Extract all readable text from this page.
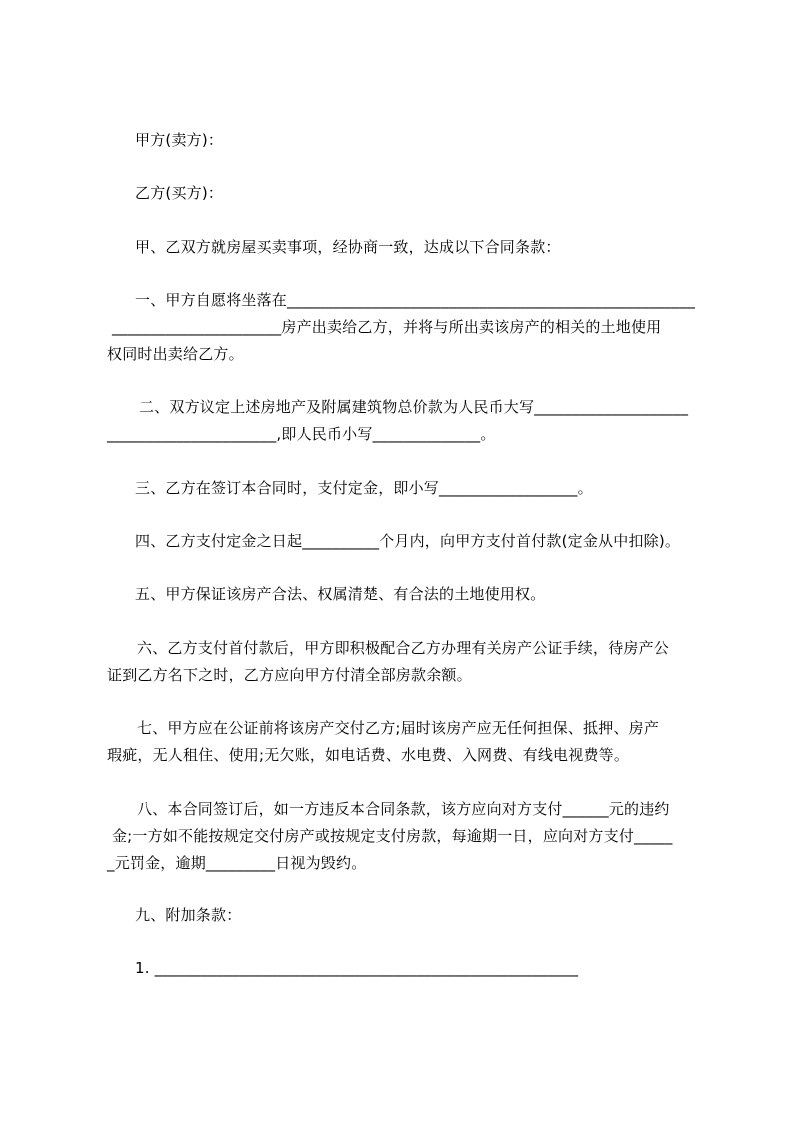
甲方(卖方)：
乙方(买方)：
甲、乙双方就房屋买卖事项，经协商一致，达成以下合同条款：
一、甲方自愿将坐落在_____________________________________________________
______________________房产出卖给乙方，并将与所出卖该房产的相关的土地使用
权同时出卖给乙方。
二、双方议定上述房地产及附属建筑物总价款为人民币大写____________________
______________________,即人民币小写______________。
三、乙方在签订本合同时，支付定金，即小写__________________。
四、乙方支付定金之日起__________个月内，向甲方支付首付款(定金从中扣除)。
五、甲方保证该房产合法、权属清楚、有合法的土地使用权。
六、乙方支付首付款后，甲方即积极配合乙方办理有关房产公证手续，待房产公
证到乙方名下之时，乙方应向甲方付清全部房款余额。
七、甲方应在公证前将该房产交付乙方;届时该房产应无任何担保、抵押、房产
瑕疵，无人租住、使用;无欠账，如电话费、水电费、入网费、有线电视费等。
八、本合同签订后，如一方违反本合同条款，该方应向对方支付______元的违约
金;一方如不能按规定交付房产或按规定支付房款，每逾期一日，应向对方支付_____
_元罚金，逾期_________日视为毁约。
九、附加条款：
1. _______________________________________________________
